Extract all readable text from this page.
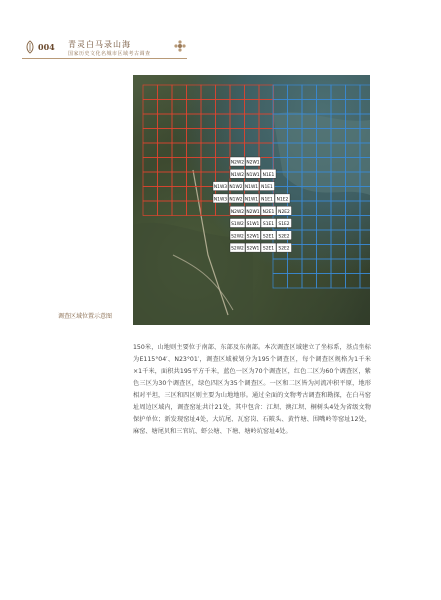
004 青灵白马录山海
国家历史文化名城市区域考古调查
N2W2 N2W1
N1W2 N1W1 N1E1
N1W3 N1W2 N1W1 N1E1
N1W3 N1W2 N1W1 N1E1 N1E2
N2W2 N2W1 N2E1 N2E2
S1W2 S1W1 S1E1 S1E2
S2W2 S2W1 S2E1 S2E2
S2W2 S2W1 S2E1 S2E2
调查区域位置示意图
150米，山地则主要位于南部、东部及东南部。本次调查区域建立了坐标系，基点坐标为E115°04′、N23°01′，调查区域被划分为195个调查区，每个调查区规格为1千米×1千米，面积共195平方千米，蓝色一区为70个调查区，红色二区为60个调查区，紫色三区为30个调查区，绿色四区为35个调查区。一区和二区皆为河流冲积平原，地形相对平坦，三区和四区则主要为山地地形。通过全面的文物考古调查和勘探，在白马窑址周边区域内，调查窑址共计21处，其中包含：江坝、澳江坝、桐树头4处为省级文物保护单位；新发现窑址4处，大坑尾、瓦窑岗、石陂头、黄竹塘、围嘴岭等窑址12处，麻窑、塘尾贝和三官坑、虾公塘、下塘、塘岭坑窑址4处。
